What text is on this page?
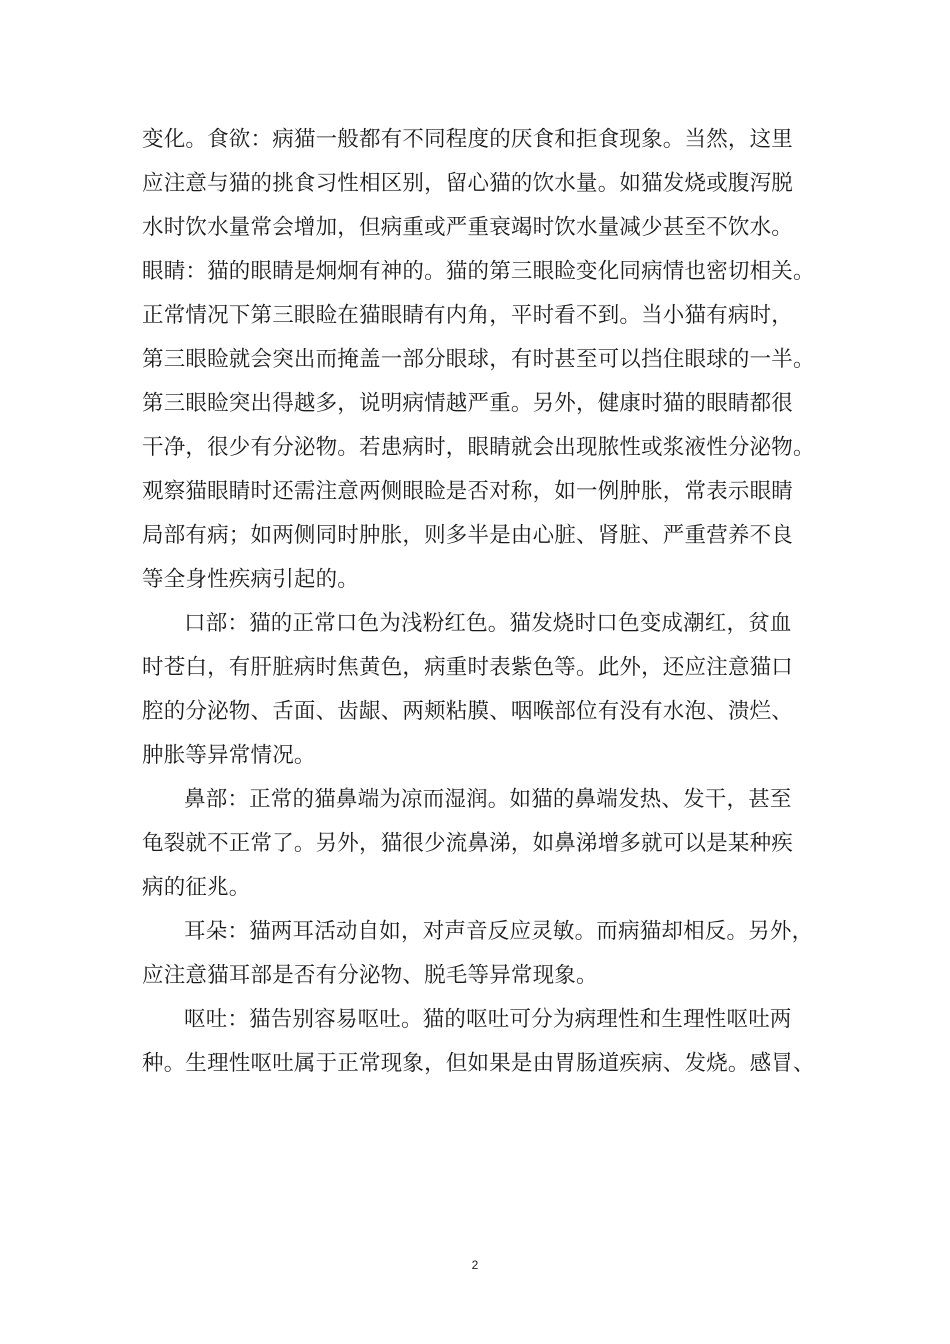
变化。食欲：病猫一般都有不同程度的厌食和拒食现象。当然，这里
应注意与猫的挑食习性相区别，留心猫的饮水量。如猫发烧或腹泻脱
水时饮水量常会增加，但病重或严重衰竭时饮水量减少甚至不饮水。
眼睛：猫的眼睛是炯炯有神的。猫的第三眼睑变化同病情也密切相关。
正常情况下第三眼睑在猫眼睛有内角，平时看不到。当小猫有病时，
第三眼睑就会突出而掩盖一部分眼球，有时甚至可以挡住眼球的一半。
第三眼睑突出得越多，说明病情越严重。另外，健康时猫的眼睛都很
干净，很少有分泌物。若患病时，眼睛就会出现脓性或浆液性分泌物。
观察猫眼睛时还需注意两侧眼睑是否对称，如一例肿胀，常表示眼睛
局部有病；如两侧同时肿胀，则多半是由心脏、肾脏、严重营养不良
等全身性疾病引起的。
口部：猫的正常口色为浅粉红色。猫发烧时口色变成潮红，贫血
时苍白，有肝脏病时焦黄色，病重时表紫色等。此外，还应注意猫口
腔的分泌物、舌面、齿龈、两颊粘膜、咽喉部位有没有水泡、溃烂、
肿胀等异常情况。
鼻部：正常的猫鼻端为凉而湿润。如猫的鼻端发热、发干，甚至
龟裂就不正常了。另外，猫很少流鼻涕，如鼻涕增多就可以是某种疾
病的征兆。
耳朵：猫两耳活动自如，对声音反应灵敏。而病猫却相反。另外，
应注意猫耳部是否有分泌物、脱毛等异常现象。
呕吐：猫告别容易呕吐。猫的呕吐可分为病理性和生理性呕吐两
种。生理性呕吐属于正常现象，但如果是由胃肠道疾病、发烧。感冒、
2
